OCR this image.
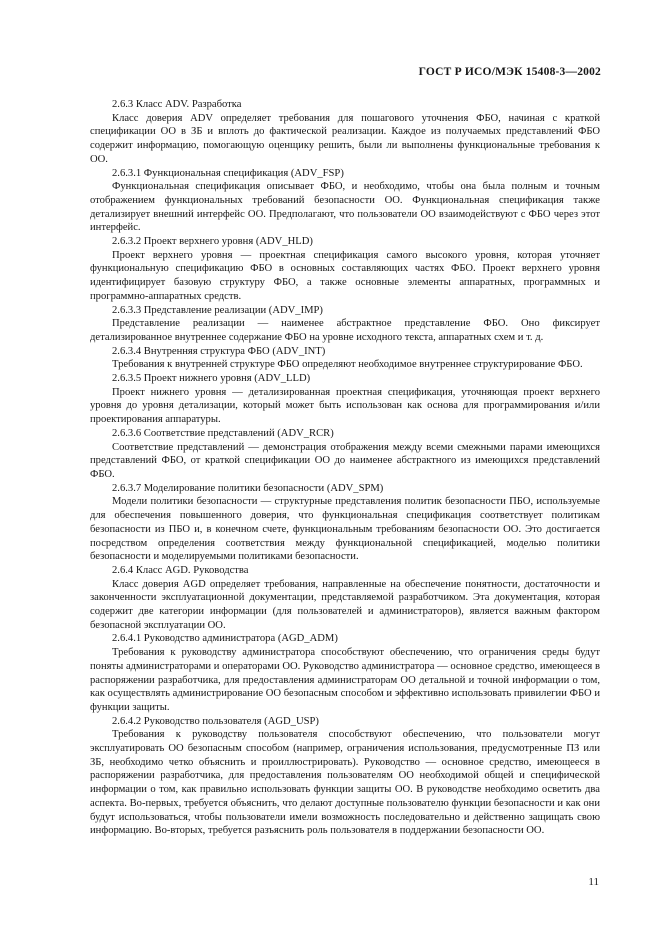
ГОСТ Р ИСО/МЭК 15408-3—2002

2.6.3 Класс ADV. Разработка

Класс доверия ADV определяет требования для пошагового уточнения ФБО, начиная с краткой спецификации ОО в ЗБ и вплоть до фактической реализации. Каждое из получаемых представлений ФБО содержит информацию, помогающую оценщику решить, были ли выполнены функциональные требования к ОО.

2.6.3.1 Функциональная спецификация (ADV_FSP)

Функциональная спецификация описывает ФБО, и необходимо, чтобы она была полным и точным отображением функциональных требований безопасности ОО. Функциональная спецификация также детализирует внешний интерфейс ОО. Предполагают, что пользователи ОО взаимодействуют с ФБО через этот интерфейс.

2.6.3.2 Проект верхнего уровня (ADV_HLD)

Проект верхнего уровня — проектная спецификация самого высокого уровня, которая уточняет функциональную спецификацию ФБО в основных составляющих частях ФБО. Проект верхнего уровня идентифицирует базовую структуру ФБО, а также основные элементы аппаратных, программных и программно-аппаратных средств.

2.6.3.3 Представление реализации (ADV_IMP)

Представление реализации — наименее абстрактное представление ФБО. Оно фиксирует детализированное внутреннее содержание ФБО на уровне исходного текста, аппаратных схем и т. д.

2.6.3.4 Внутренняя структура ФБО (ADV_INT)

Требования к внутренней структуре ФБО определяют необходимое внутреннее структурирование ФБО.

2.6.3.5 Проект нижнего уровня (ADV_LLD)

Проект нижнего уровня — детализированная проектная спецификация, уточняющая проект верхнего уровня до уровня детализации, который может быть использован как основа для программирования и/или проектирования аппаратуры.

2.6.3.6 Соответствие представлений (ADV_RCR)

Соответствие представлений — демонстрация отображения между всеми смежными парами имеющихся представлений ФБО, от краткой спецификации ОО до наименее абстрактного из имеющихся представлений ФБО.

2.6.3.7 Моделирование политики безопасности (ADV_SPM)

Модели политики безопасности — структурные представления политик безопасности ПБО, используемые для обеспечения повышенного доверия, что функциональная спецификация соответствует политикам безопасности из ПБО и, в конечном счете, функциональным требованиям безопасности ОО. Это достигается посредством определения соответствия между функциональной спецификацией, моделью политики безопасности и моделируемыми политиками безопасности.

2.6.4 Класс AGD. Руководства

Класс доверия AGD определяет требования, направленные на обеспечение понятности, достаточности и законченности эксплуатационной документации, представляемой разработчиком. Эта документация, которая содержит две категории информации (для пользователей и администраторов), является важным фактором безопасной эксплуатации ОО.

2.6.4.1 Руководство администратора (AGD_ADM)

Требования к руководству администратора способствуют обеспечению, что ограничения среды будут поняты администраторами и операторами ОО. Руководство администратора — основное средство, имеющееся в распоряжении разработчика, для предоставления администраторам ОО детальной и точной информации о том, как осуществлять администрирование ОО безопасным способом и эффективно использовать привилегии ФБО и функции защиты.

2.6.4.2 Руководство пользователя (AGD_USP)

Требования к руководству пользователя способствуют обеспечению, что пользователи могут эксплуатировать ОО безопасным способом (например, ограничения использования, предусмотренные ПЗ или ЗБ, необходимо четко объяснить и проиллюстрировать). Руководство — основное средство, имеющееся в распоряжении разработчика, для предоставления пользователям ОО необходимой общей и специфической информации о том, как правильно использовать функции защиты ОО. В руководстве необходимо осветить два аспекта. Во-первых, требуется объяснить, что делают доступные пользователю функции безопасности и как они будут использоваться, чтобы пользователи имели возможность последовательно и действенно защищать свою информацию. Во-вторых, требуется разъяснить роль пользователя в поддержании безопасности ОО.

11
